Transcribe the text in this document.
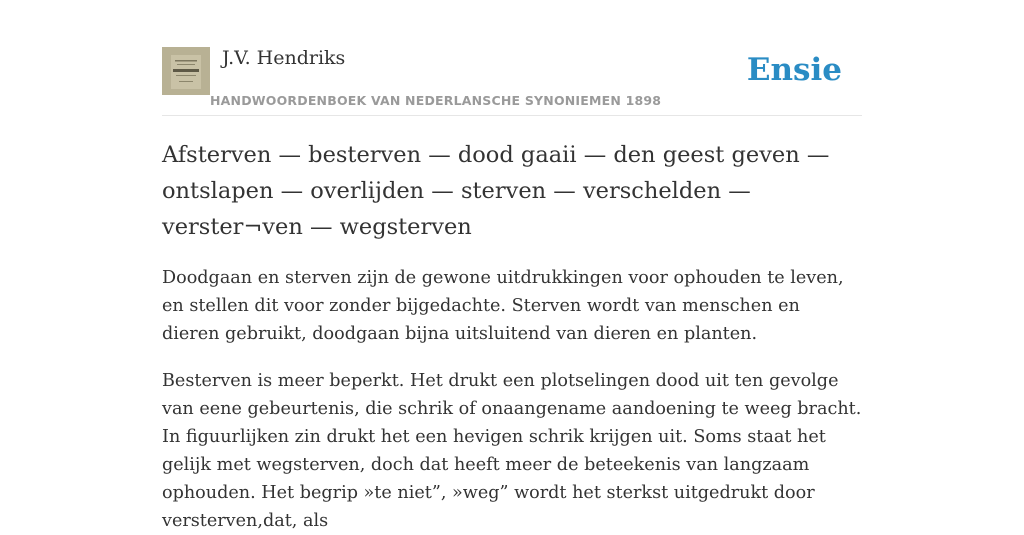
J.V. Hendriks
HANDWOORDENBOEK VAN NEDERLANSCHE SYNONIEMEN 1898
Ensie
Afsterven — besterven — dood gaaii — den geest geven — ontslapen — overlijden — sterven — verschelden — verster¬ven — wegsterven

Doodgaan en sterven zijn de gewone uitdrukkingen voor ophouden te leven, en stellen dit voor zonder bijgedachte. Sterven wordt van menschen en dieren gebruikt, doodgaan bijna uitsluitend van dieren en planten.

Besterven is meer beperkt. Het drukt een plotselingen dood uit ten gevolge van eene gebeurtenis, die schrik of onaangename aandoening te weeg bracht. In figuurlijken zin drukt het een hevigen schrik krijgen uit. Soms staat het gelijk met wegsterven, doch dat heeft meer de beteekenis van langzaam ophouden. Het begrip »te niet”, »weg” wordt het sterkst uitgedrukt door versterven,dat, als
